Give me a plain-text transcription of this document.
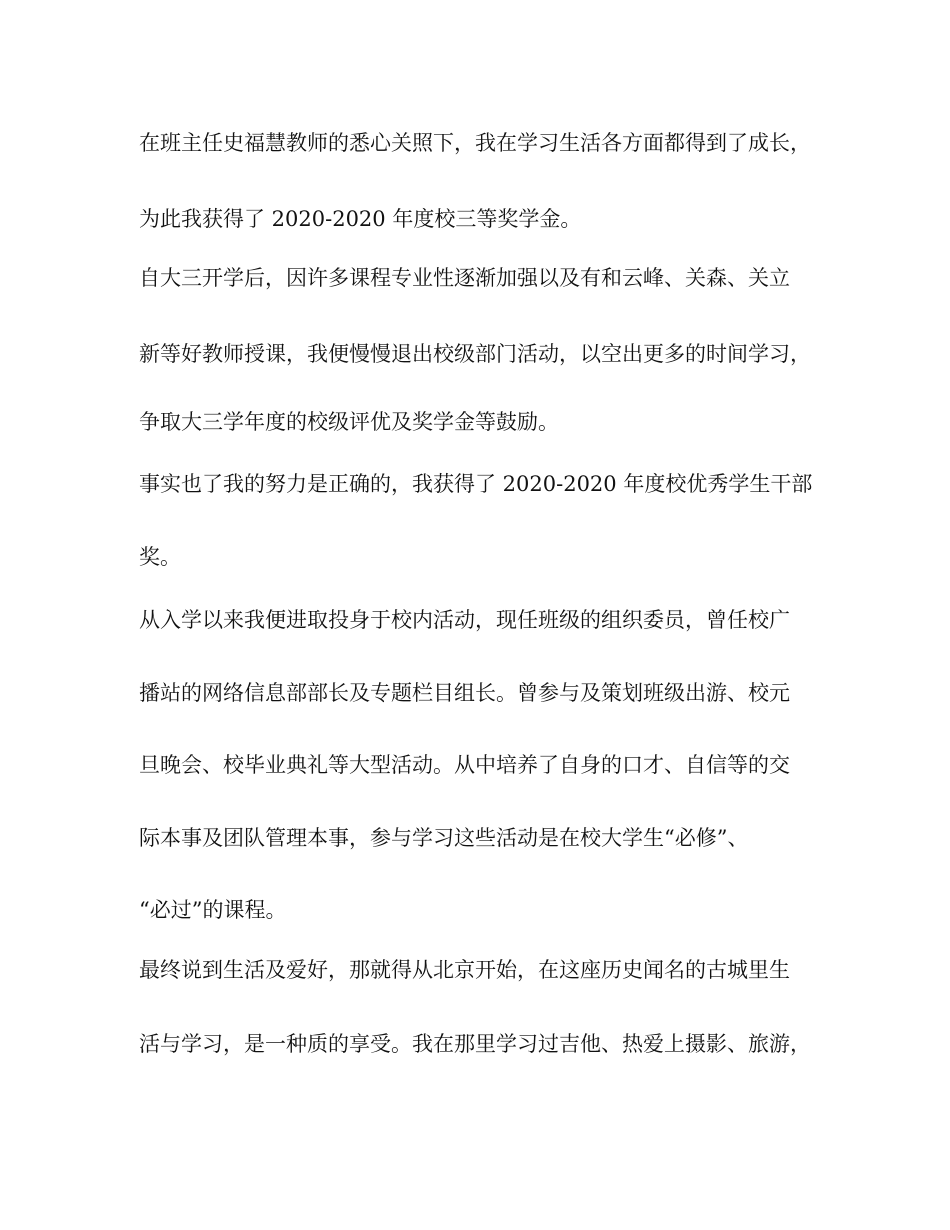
在班主任史福慧教师的悉心关照下，我在学习生活各方面都得到了成长，
为此我获得了 2020-2020 年度校三等奖学金。
自大三开学后，因许多课程专业性逐渐加强以及有和云峰、关森、关立
新等好教师授课，我便慢慢退出校级部门活动，以空出更多的时间学习，
争取大三学年度的校级评优及奖学金等鼓励。
事实也了我的努力是正确的，我获得了 2020-2020 年度校优秀学生干部
奖。
从入学以来我便进取投身于校内活动，现任班级的组织委员，曾任校广
播站的网络信息部部长及专题栏目组长。曾参与及策划班级出游、校元
旦晚会、校毕业典礼等大型活动。从中培养了自身的口才、自信等的交
际本事及团队管理本事，参与学习这些活动是在校大学生“必修”、
“必过”的课程。
最终说到生活及爱好，那就得从北京开始，在这座历史闻名的古城里生
活与学习，是一种质的享受。我在那里学习过吉他、热爱上摄影、旅游，
